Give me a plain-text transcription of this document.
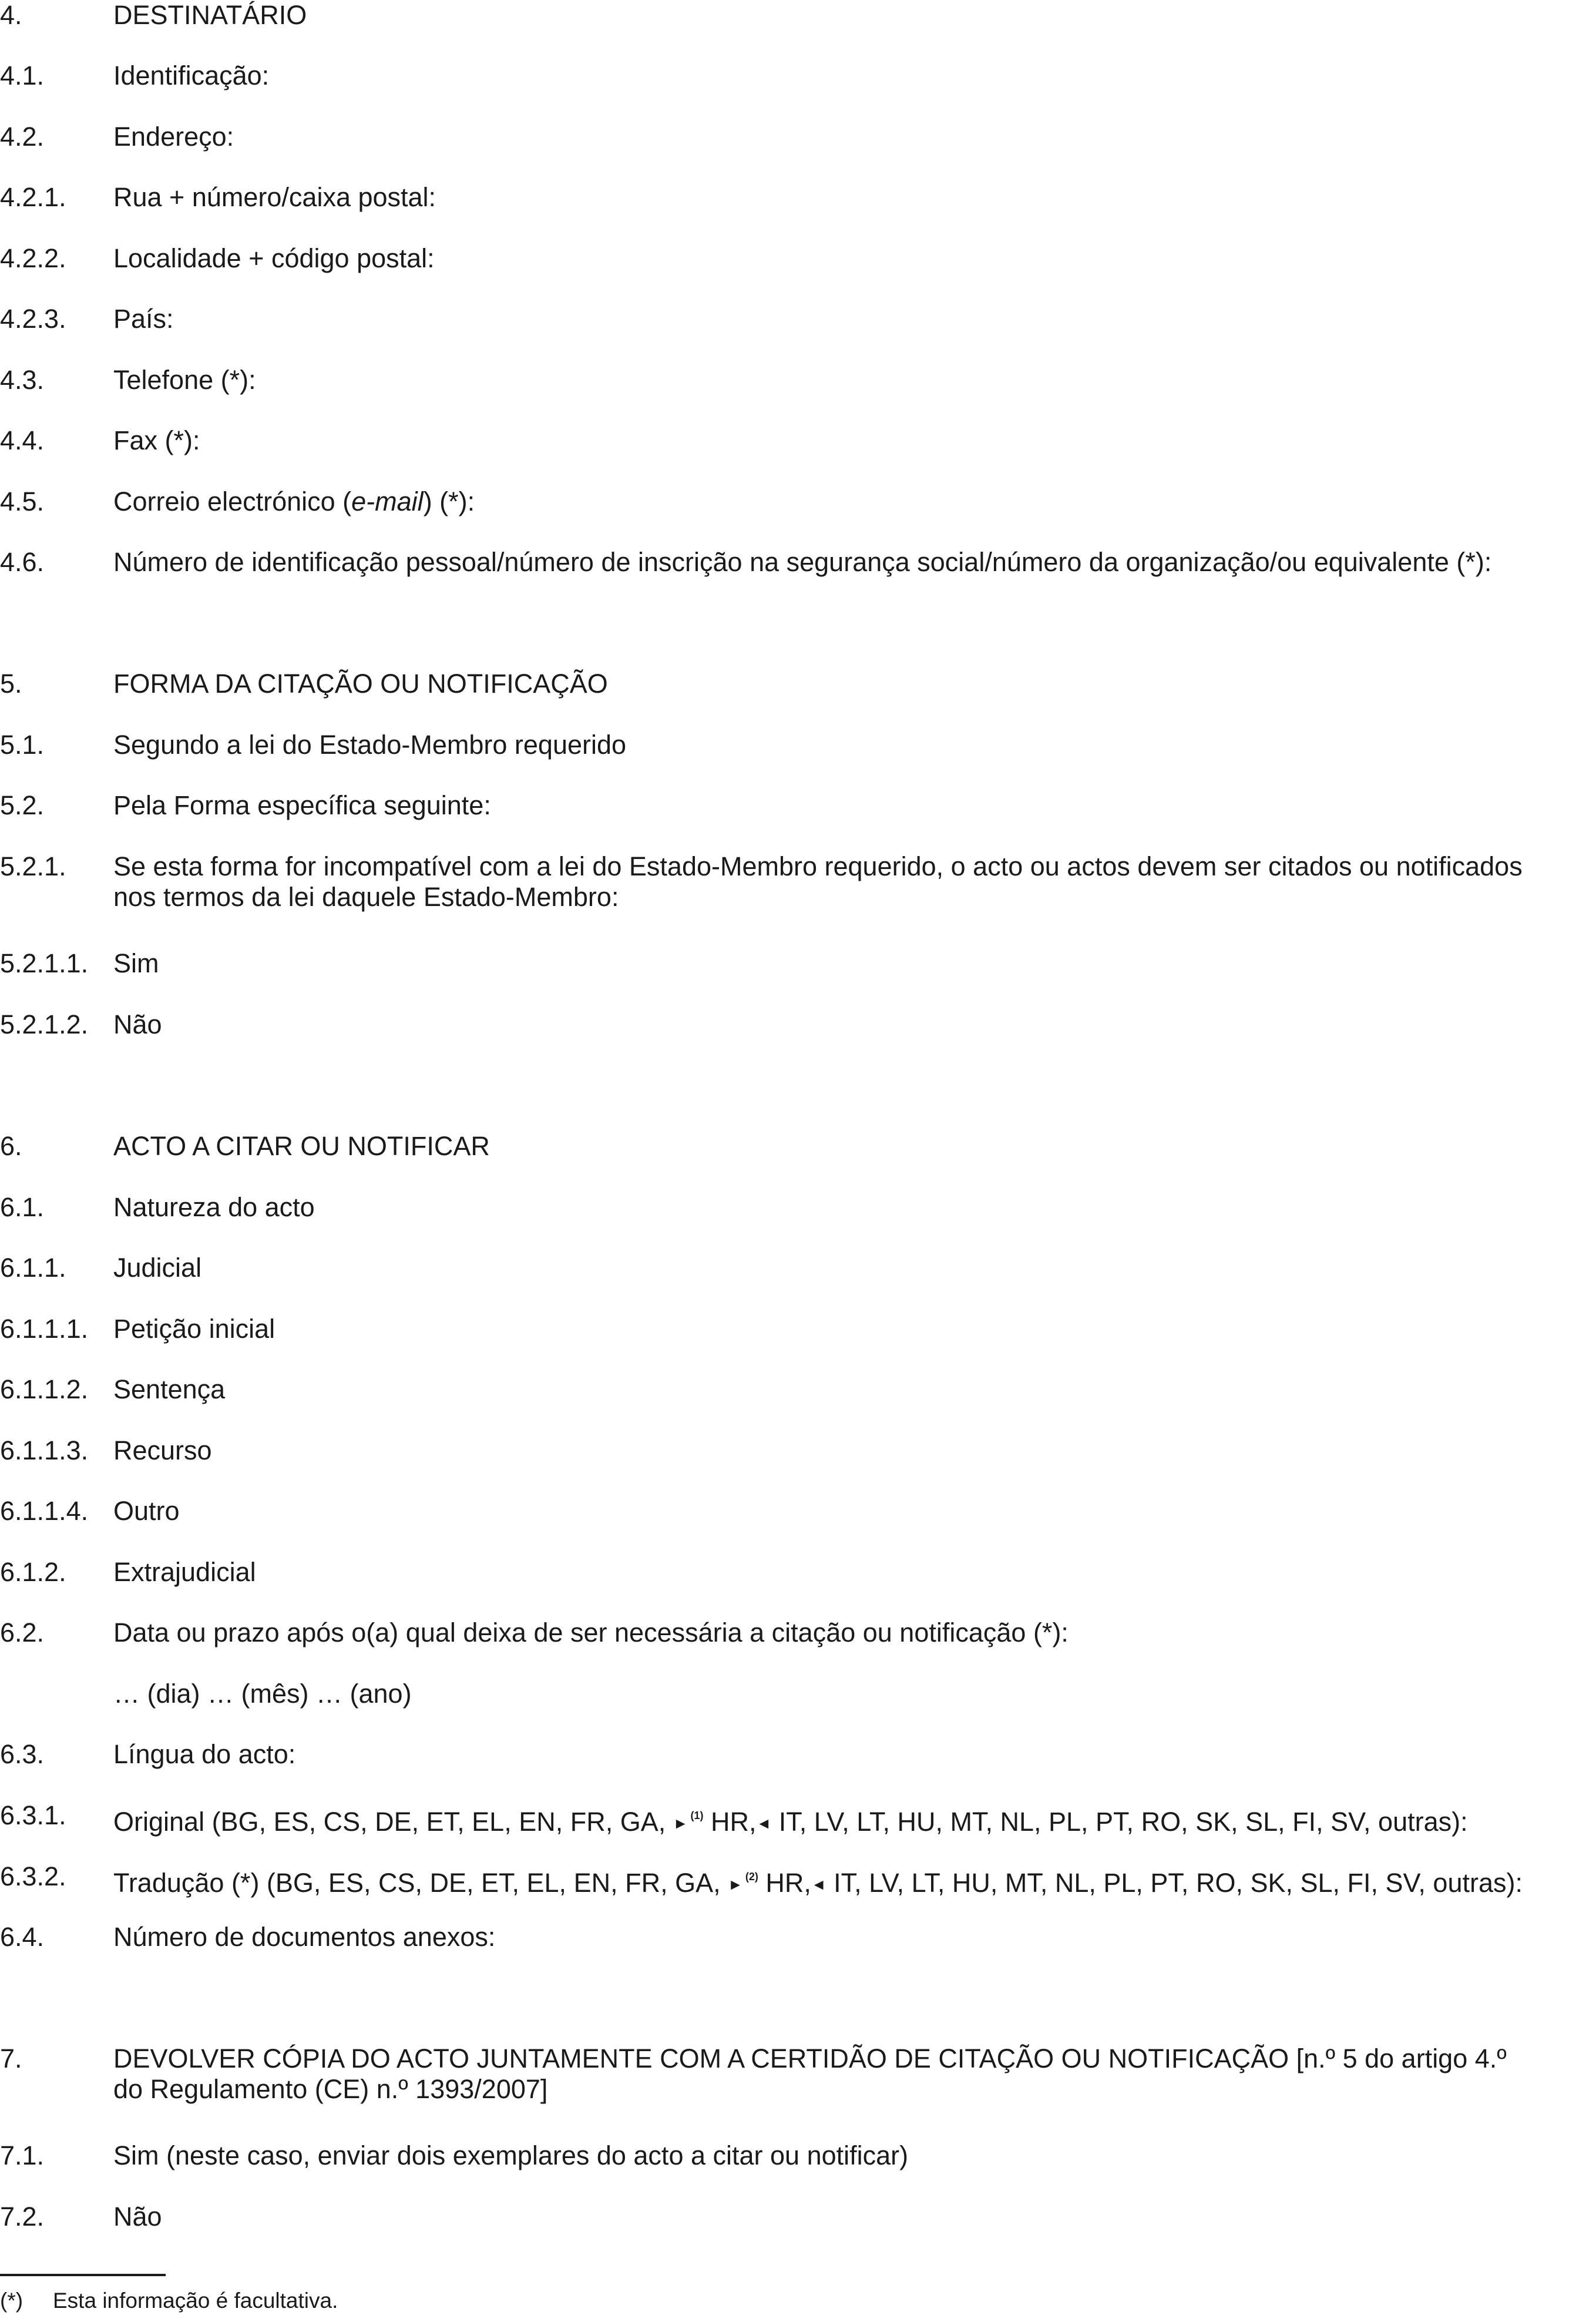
4.	DESTINATÁRIO
4.1.	Identificação:
4.2.	Endereço:
4.2.1.	Rua + número/caixa postal:
4.2.2.	Localidade + código postal:
4.2.3.	País:
4.3.	Telefone (*):
4.4.	Fax (*):
4.5.	Correio electrónico (e-mail) (*):
4.6.	Número de identificação pessoal/número de inscrição na segurança social/número da organização/ou equivalente (*):
5.	FORMA DA CITAÇÃO OU NOTIFICAÇÃO
5.1.	Segundo a lei do Estado-Membro requerido
5.2.	Pela Forma específica seguinte:
5.2.1.	Se esta forma for incompatível com a lei do Estado-Membro requerido, o acto ou actos devem ser citados ou notificados
nos termos da lei daquele Estado-Membro:
5.2.1.1. Sim
5.2.1.2. Não
6.	ACTO A CITAR OU NOTIFICAR
6.1.	Natureza do acto
6.1.1.	Judicial
6.1.1.1. Petição inicial
6.1.1.2. Sentença
6.1.1.3. Recurso
6.1.1.4. Outro
6.1.2.	Extrajudicial
6.2.	Data ou prazo após o(a) qual deixa de ser necessária a citação ou notificação (*):
… (dia) … (mês) … (ano)
6.3.	Língua do acto:
6.3.1.	Original (BG, ES, CS, DE, ET, EL, EN, FR, GA, ► $^{(1)}$ HR,◄ IT, LV, LT, HU, MT, NL, PL, PT, RO, SK, SL, FI, SV, outras):
6.3.2.	Tradução (*) (BG, ES, CS, DE, ET, EL, EN, FR, GA, ► $^{(2)}$ HR,◄ IT, LV, LT, HU, MT, NL, PL, PT, RO, SK, SL, FI, SV, outras):
6.4.	Número de documentos anexos:
7.	DEVOLVER CÓPIA DO ACTO JUNTAMENTE COM A CERTIDÃO DE CITAÇÃO OU NOTIFICAÇÃO [n.º 5 do artigo 4.º
do Regulamento (CE) n.º 1393/2007]
7.1.	Sim (neste caso, enviar dois exemplares do acto a citar ou notificar)
7.2.	Não
(*) Esta informação é facultativa.
